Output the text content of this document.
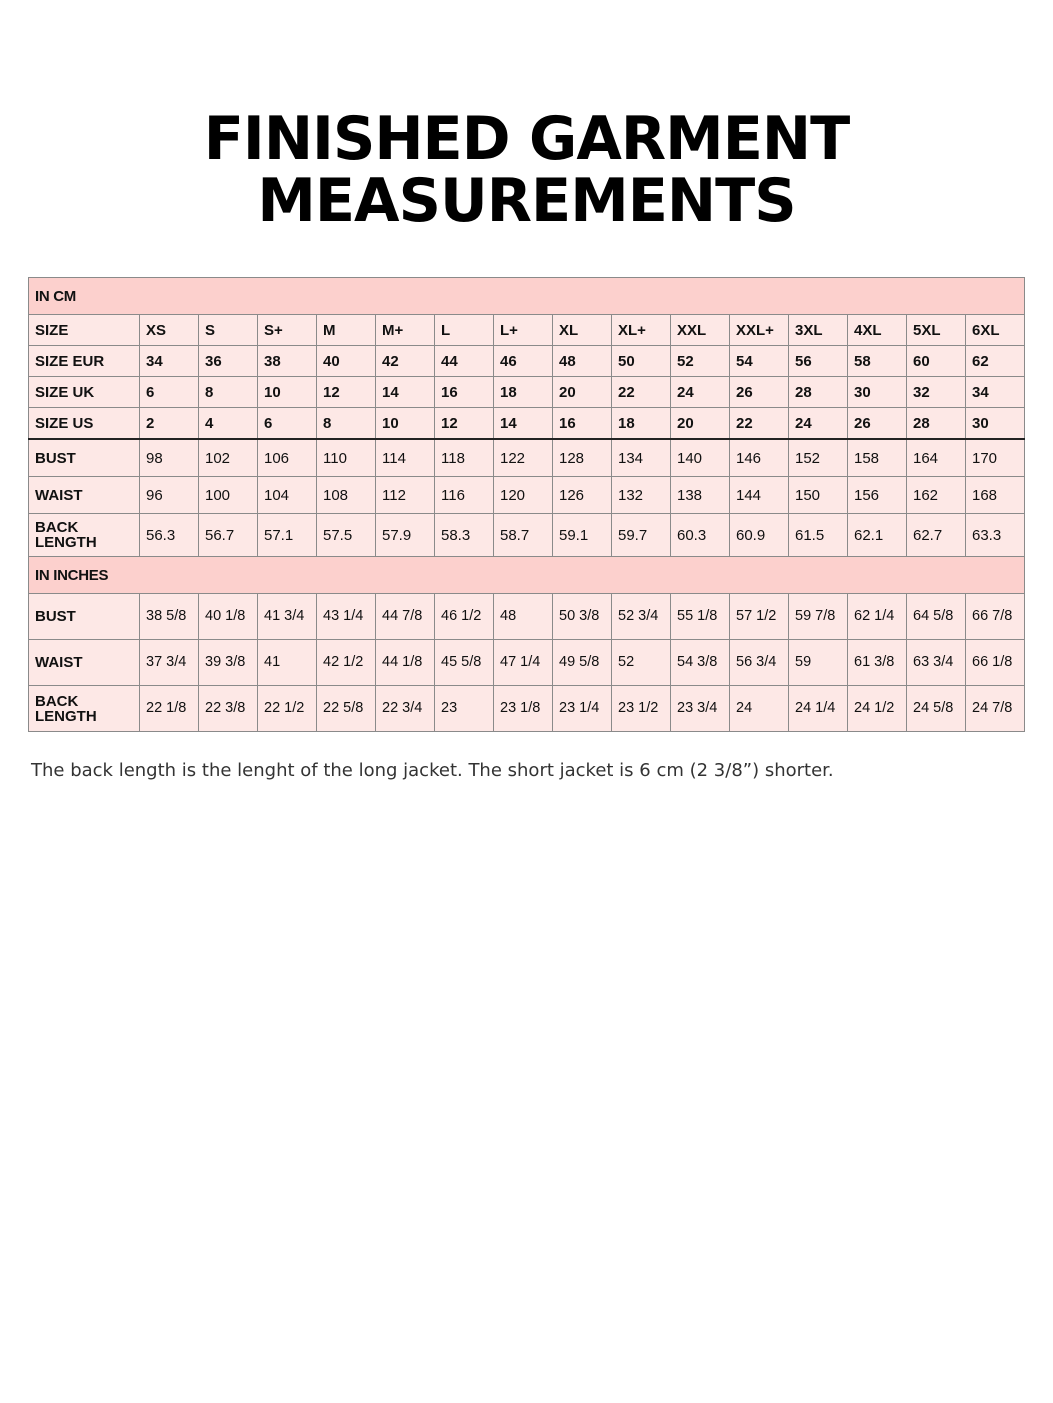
FINISHED GARMENT
MEASUREMENTS
IN CM															
SIZE	XS	S	S+	M	M+	L	L+	XL	XL+	XXL	XXL+	3XL	4XL	5XL	6XL
SIZE EUR	34	36	38	40	42	44	46	48	50	52	54	56	58	60	62
SIZE UK	6	8	10	12	14	16	18	20	22	24	26	28	30	32	34
SIZE US	2	4	6	8	10	12	14	16	18	20	22	24	26	28	30
BUST	98	102	106	110	114	118	122	128	134	140	146	152	158	164	170
WAIST	96	100	104	108	112	116	120	126	132	138	144	150	156	162	168
BACK LENGTH	56.3	56.7	57.1	57.5	57.9	58.3	58.7	59.1	59.7	60.3	60.9	61.5	62.1	62.7	63.3
IN INCHES															
BUST	38 5/8	40 1/8	41 3/4	43 1/4	44 7/8	46 1/2	48	50 3/8	52 3/4	55 1/8	57 1/2	59 7/8	62 1/4	64 5/8	66 7/8
WAIST	37 3/4	39 3/8	41	42 1/2	44 1/8	45 5/8	47 1/4	49 5/8	52	54 3/8	56 3/4	59	61 3/8	63 3/4	66 1/8
BACK LENGTH	22 1/8	22 3/8	22 1/2	22 5/8	22 3/4	23	23 1/8	23 1/4	23 1/2	23 3/4	24	24 1/4	24 1/2	24 5/8	24 7/8
The back length is the lenght of the long jacket. The short jacket is 6 cm (2 3/8”) shorter.
